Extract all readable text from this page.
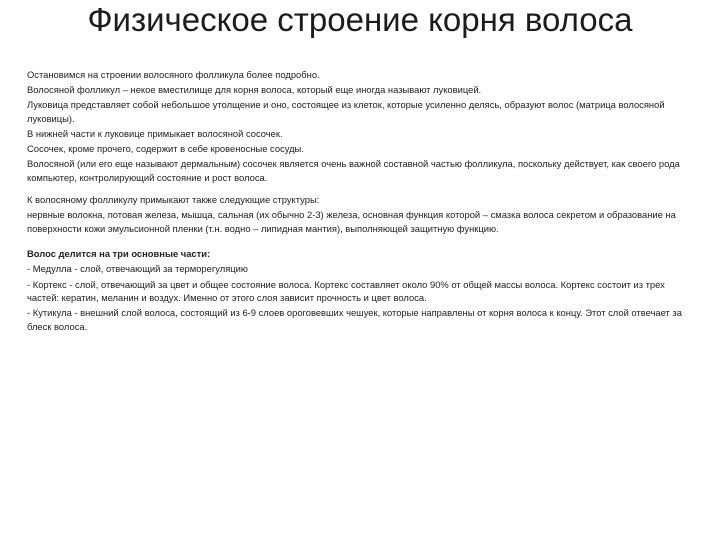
Физическое строение корня волоса

Остановимся на строении волосяного фолликула более подробно.

Волосяной фолликул – некое вместилище для корня волоса, который еще иногда называют луковицей.

Луковица представляет собой небольшое утолщение и оно, состоящее из клеток, которые усиленно делясь, образуют волос (матрица волосяной луковицы).

В нижней части к луковице примыкает волосяной сосочек.

Сосочек, кроме прочего, содержит в себе кровеносные сосуды.

Волосяной (или его еще называют дермальным) сосочек является очень важной составной частью фолликула, поскольку действует, как своего рода компьютер, контролирующий состояние и рост волоса.

К волосяному фолликулу примыкают также следующие структуры:

нервные волокна, потовая железа, мышца, сальная (их обычно 2-3) железа, основная функция которой – смазка волоса секретом и образование на поверхности кожи эмульсионной пленки (т.н. водно – липидная мантия), выполняющей защитную функцию.

Волос делится на три основные части:

- Медулла - слой, отвечающий за терморегуляцию

- Кортекс - слой, отвечающий за цвет и общее состояние волоса. Кортекс составляет около 90% от общей массы волоса. Кортекс состоит из трех частей: кератин, меланин и воздух. Именно от этого слоя зависит прочность и цвет волоса.

- Кутикула - внешний слой волоса, состоящий из 6-9 слоев ороговевших чешуек, которые направлены от корня волоса к концу. Этот слой отвечает за блеск волоса.
